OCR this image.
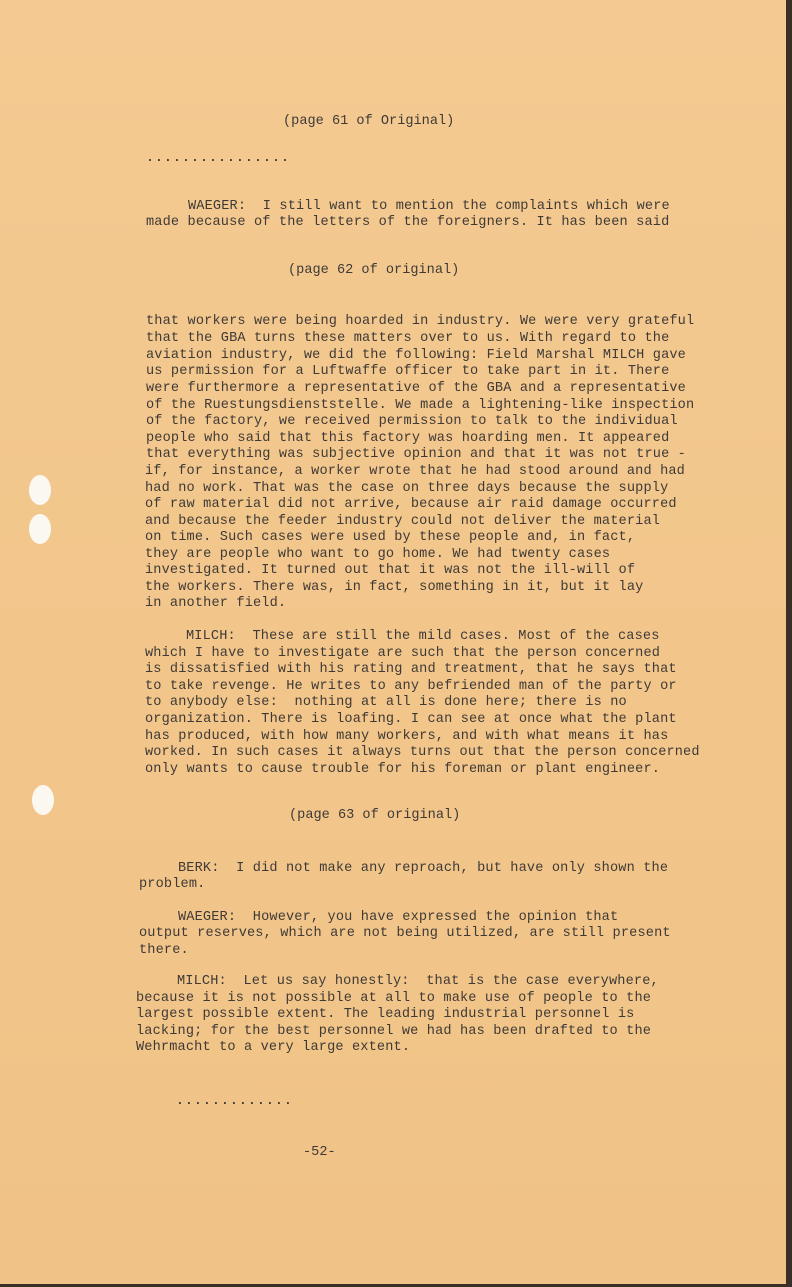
(page 61 of Original)
................
WAEGER:  I still want to mention the complaints which were
made because of the letters of the foreigners. It has been said
(page 62 of original)
that workers were being hoarded in industry. We were very grateful
that the GBA turns these matters over to us. With regard to the
aviation industry, we did the following: Field Marshal MILCH gave
us permission for a Luftwaffe officer to take part in it. There
were furthermore a representative of the GBA and a representative
of the Ruestungsdienststelle. We made a lightening-like inspection
of the factory, we received permission to talk to the individual
people who said that this factory was hoarding men. It appeared
that everything was subjective opinion and that it was not true -
if, for instance, a worker wrote that he had stood around and had
had no work. That was the case on three days because the supply
of raw material did not arrive, because air raid damage occurred
and because the feeder industry could not deliver the material
on time. Such cases were used by these people and, in fact,
they are people who want to go home. We had twenty cases
investigated. It turned out that it was not the ill-will of
the workers. There was, in fact, something in it, but it lay
in another field.
MILCH:  These are still the mild cases. Most of the cases
which I have to investigate are such that the person concerned
is dissatisfied with his rating and treatment, that he says that
to take revenge. He writes to any befriended man of the party or
to anybody else:  nothing at all is done here; there is no
organization. There is loafing. I can see at once what the plant
has produced, with how many workers, and with what means it has
worked. In such cases it always turns out that the person concerned
only wants to cause trouble for his foreman or plant engineer.
(page 63 of original)
BERK:  I did not make any reproach, but have only shown the
problem.
WAEGER:  However, you have expressed the opinion that
output reserves, which are not being utilized, are still present
there.
MILCH:  Let us say honestly:  that is the case everywhere,
because it is not possible at all to make use of people to the
largest possible extent. The leading industrial personnel is
lacking; for the best personnel we had has been drafted to the
Wehrmacht to a very large extent.
.............
-52-
